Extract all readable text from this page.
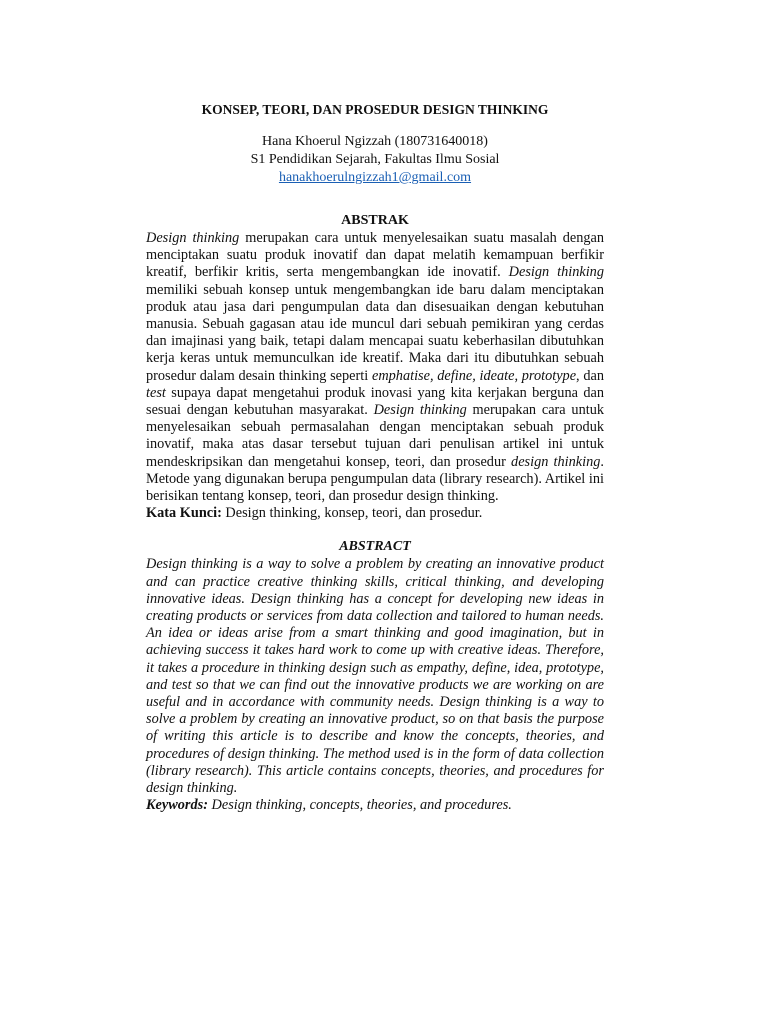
KONSEP, TEORI, DAN PROSEDUR DESIGN THINKING
Hana Khoerul Ngizzah (180731640018)
S1 Pendidikan Sejarah, Fakultas Ilmu Sosial
hanakhoerulngizzah1@gmail.com
ABSTRAK

Design thinking merupakan cara untuk menyelesaikan suatu masalah dengan menciptakan suatu produk inovatif dan dapat melatih kemampuan berfikir kreatif, berfikir kritis, serta mengembangkan ide inovatif. Design thinking memiliki sebuah konsep untuk mengembangkan ide baru dalam menciptakan produk atau jasa dari pengumpulan data dan disesuaikan dengan kebutuhan manusia. Sebuah gagasan atau ide muncul dari sebuah pemikiran yang cerdas dan imajinasi yang baik, tetapi dalam mencapai suatu keberhasilan dibutuhkan kerja keras untuk memunculkan ide kreatif. Maka dari itu dibutuhkan sebuah prosedur dalam desain thinking seperti emphatise, define, ideate, prototype, dan test supaya dapat mengetahui produk inovasi yang kita kerjakan berguna dan sesuai dengan kebutuhan masyarakat. Design thinking merupakan cara untuk menyelesaikan sebuah permasalahan dengan menciptakan sebuah produk inovatif, maka atas dasar tersebut tujuan dari penulisan artikel ini untuk mendeskripsikan dan mengetahui konsep, teori, dan prosedur design thinking. Metode yang digunakan berupa pengumpulan data (library research). Artikel ini berisikan tentang konsep, teori, dan prosedur design thinking.

Kata Kunci: Design thinking, konsep, teori, dan prosedur.

ABSTRACT

Design thinking is a way to solve a problem by creating an innovative product and can practice creative thinking skills, critical thinking, and developing innovative ideas. Design thinking has a concept for developing new ideas in creating products or services from data collection and tailored to human needs. An idea or ideas arise from a smart thinking and good imagination, but in achieving success it takes hard work to come up with creative ideas. Therefore, it takes a procedure in thinking design such as empathy, define, idea, prototype, and test so that we can find out the innovative products we are working on are useful and in accordance with community needs. Design thinking is a way to solve a problem by creating an innovative product, so on that basis the purpose of writing this article is to describe and know the concepts, theories, and procedures of design thinking. The method used is in the form of data collection (library research). This article contains concepts, theories, and procedures for design thinking.

Keywords: Design thinking, concepts, theories, and procedures.
